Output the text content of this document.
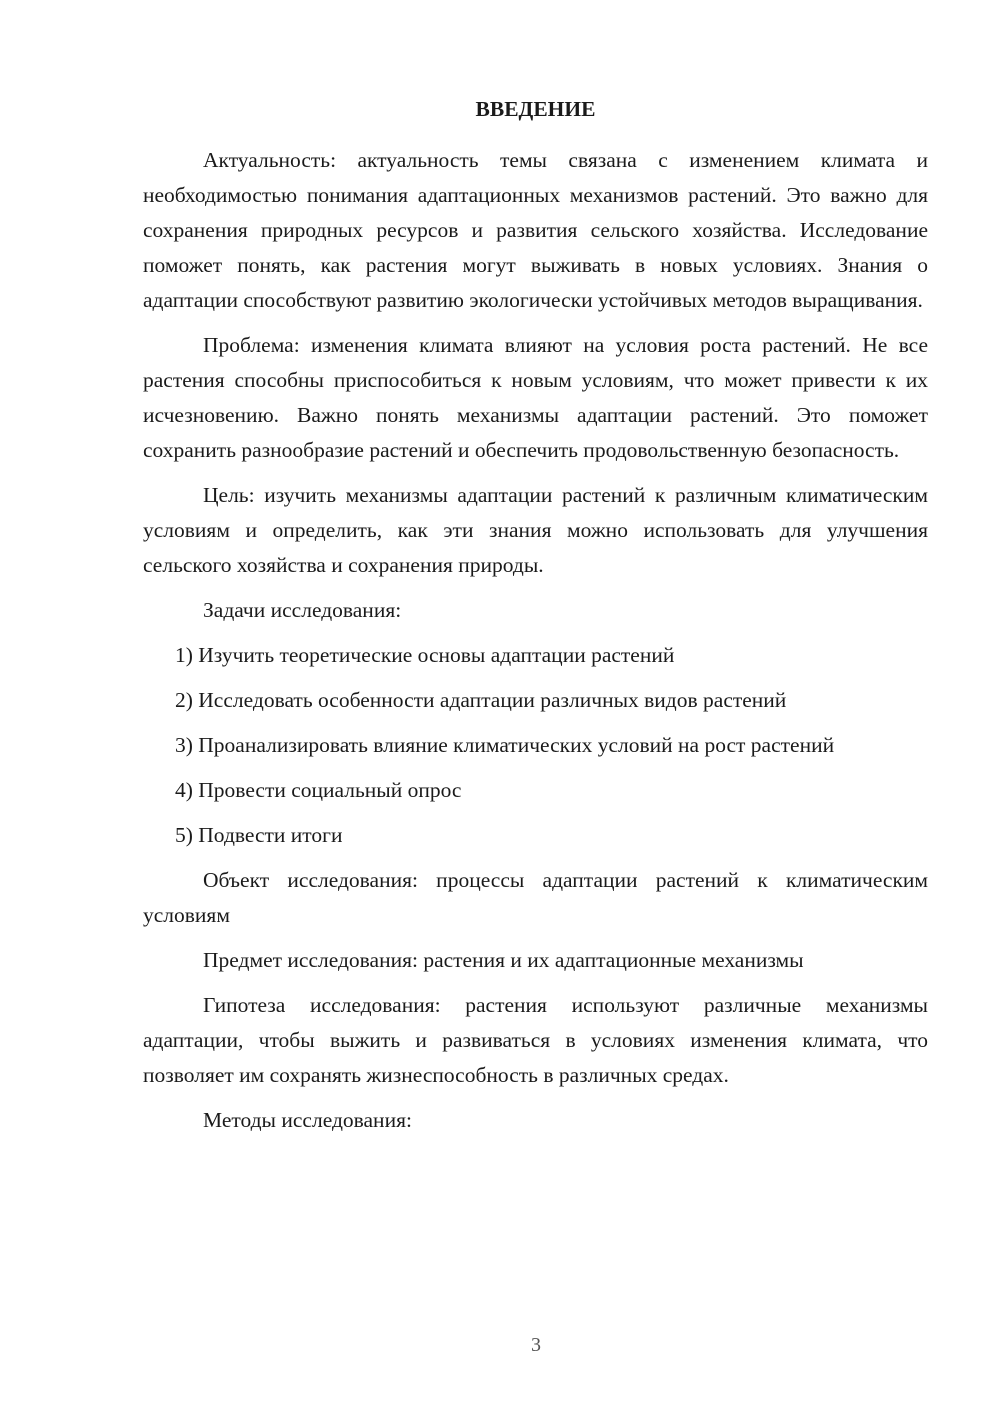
ВВЕДЕНИЕ

Актуальность: актуальность темы связана с изменением климата и необходимостью понимания адаптационных механизмов растений. Это важно для сохранения природных ресурсов и развития сельского хозяйства. Исследование поможет понять, как растения могут выживать в новых условиях. Знания о адаптации способствуют развитию экологически устойчивых методов выращивания.

Проблема: изменения климата влияют на условия роста растений. Не все растения способны приспособиться к новым условиям, что может привести к их исчезновению. Важно понять механизмы адаптации растений. Это поможет сохранить разнообразие растений и обеспечить продовольственную безопасность.

Цель: изучить механизмы адаптации растений к различным климатическим условиям и определить, как эти знания можно использовать для улучшения сельского хозяйства и сохранения природы.

Задачи исследования:

1) Изучить теоретические основы адаптации растений

2) Исследовать особенности адаптации различных видов растений

3) Проанализировать влияние климатических условий на рост растений

4) Провести социальный опрос

5) Подвести итоги

Объект исследования: процессы адаптации растений к климатическим условиям

Предмет исследования: растения и их адаптационные механизмы

Гипотеза исследования: растения используют различные механизмы адаптации, чтобы выжить и развиваться в условиях изменения климата, что позволяет им сохранять жизнеспособность в различных средах.

Методы исследования:

3
